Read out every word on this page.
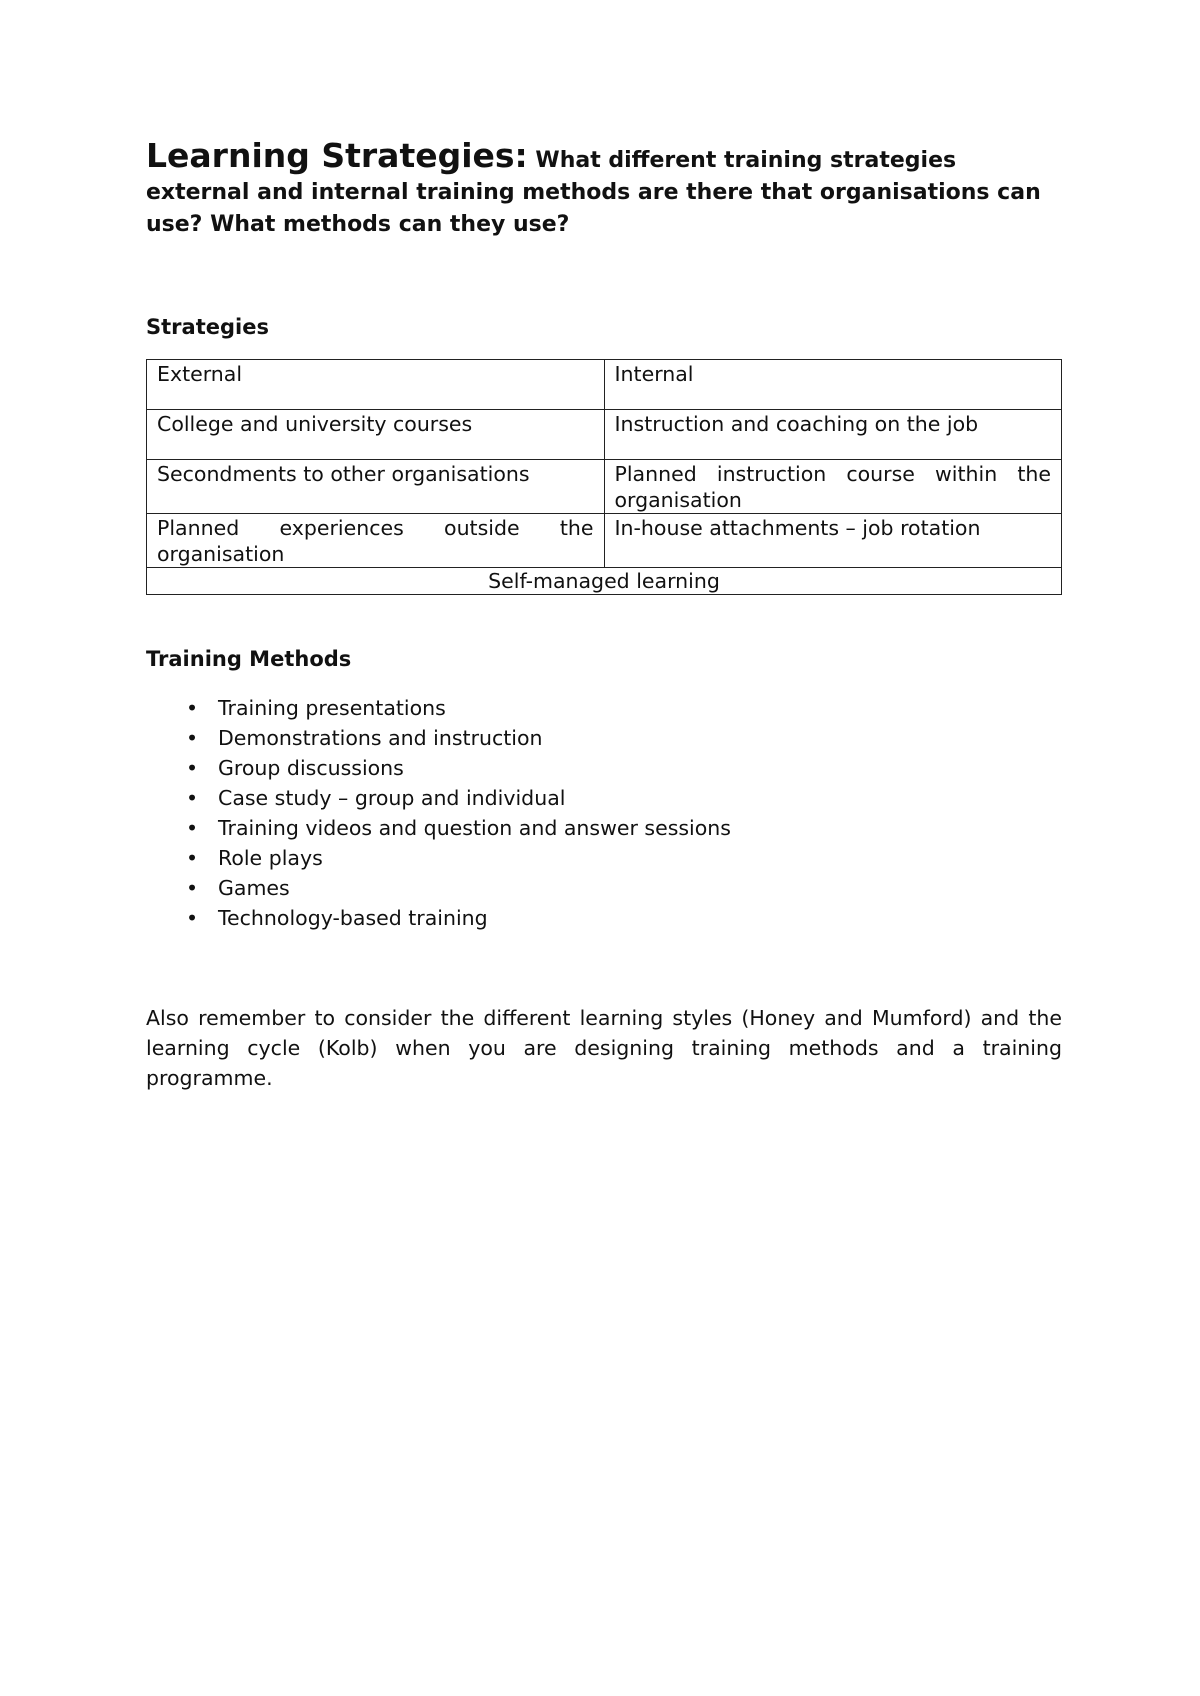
Learning Strategies: What different training strategies external and internal training methods are there that organisations can use? What methods can they use?

Strategies

External	Internal
College and university courses	Instruction and coaching on the job
Secondments to other organisations	Planned instruction course within the organisation
Planned experiences outside the organisation	In-house attachments – job rotation
Self-managed learning	

Training Methods

• Training presentations
• Demonstrations and instruction
• Group discussions
• Case study – group and individual
• Training videos and question and answer sessions
• Role plays
• Games
• Technology-based training

Also remember to consider the different learning styles (Honey and Mumford) and the learning cycle (Kolb) when you are designing training methods and a training programme.
